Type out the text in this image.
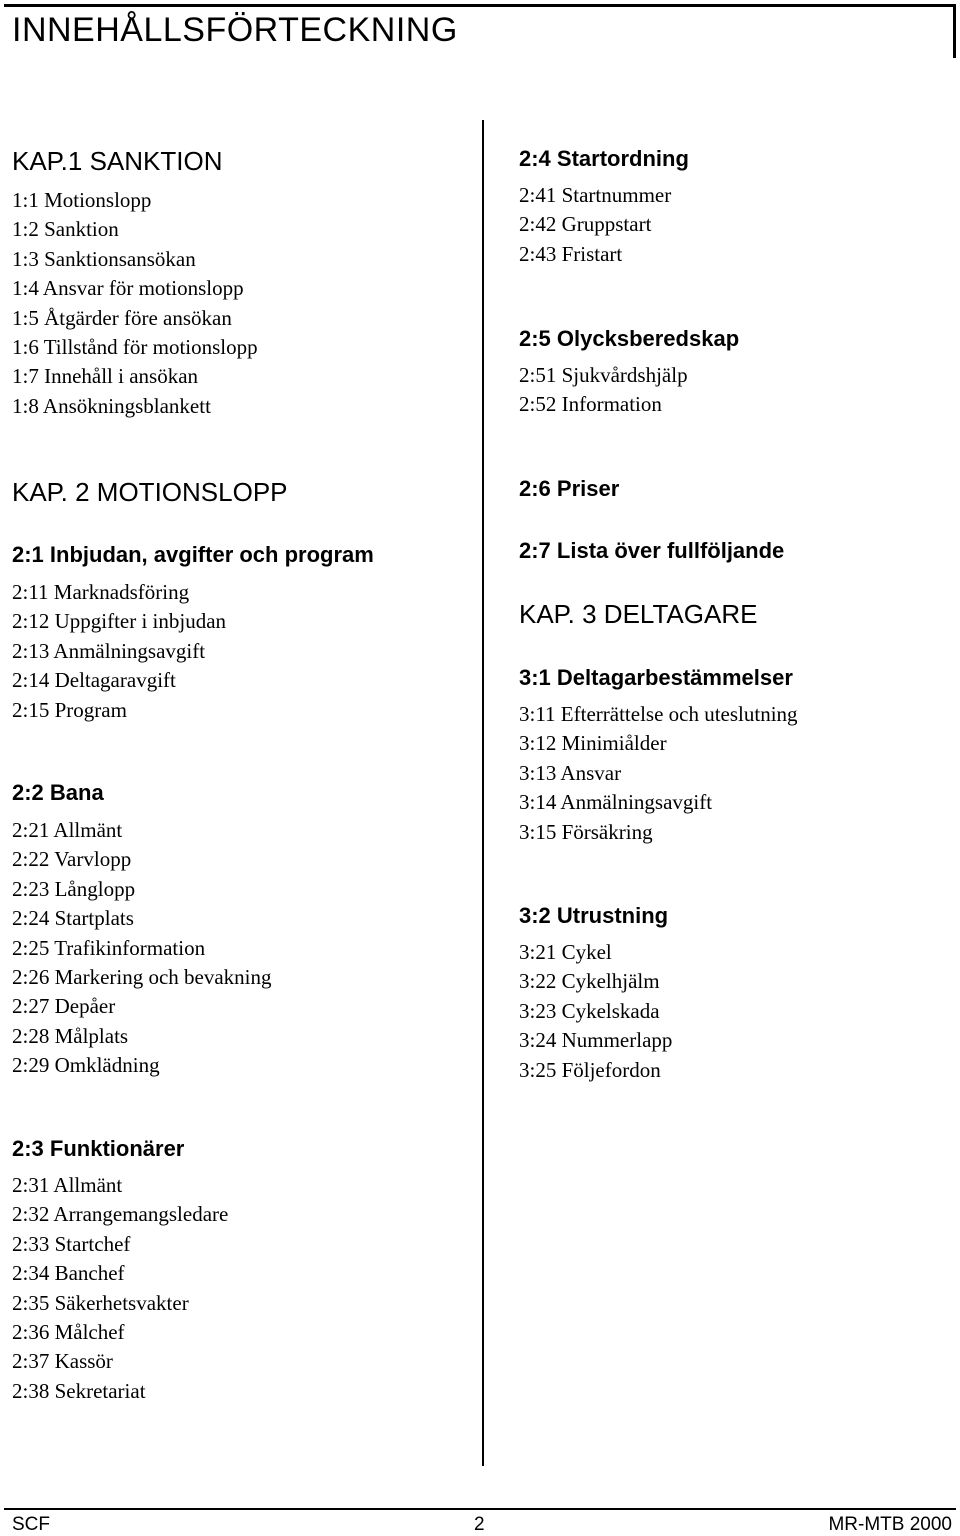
INNEHÅLLSFÖRTECKNING
KAP.1 SANKTION
1:1 Motionslopp
1:2 Sanktion
1:3 Sanktionsansökan
1:4 Ansvar för motionslopp
1:5 Åtgärder före ansökan
1:6 Tillstånd för motionslopp
1:7 Innehåll i ansökan
1:8 Ansökningsblankett
KAP. 2 MOTIONSLOPP
2:1 Inbjudan, avgifter och program
2:11 Marknadsföring
2:12 Uppgifter i inbjudan
2:13 Anmälningsavgift
2:14 Deltagaravgift
2:15 Program
2:2 Bana
2:21 Allmänt
2:22 Varvlopp
2:23 Långlopp
2:24 Startplats
2:25 Trafikinformation
2:26 Markering och bevakning
2:27 Depåer
2:28 Målplats
2:29 Omklädning
2:3 Funktionärer
2:31 Allmänt
2:32 Arrangemangsledare
2:33 Startchef
2:34 Banchef
2:35 Säkerhetsvakter
2:36 Målchef
2:37 Kassör
2:38 Sekretariat
2:4 Startordning
2:41 Startnummer
2:42 Gruppstart
2:43 Fristart
2:5 Olycksberedskap
2:51 Sjukvårdshjälp
2:52 Information
2:6 Priser
2:7 Lista över fullföljande
KAP. 3 DELTAGARE
3:1 Deltagarbestämmelser
3:11 Efterrättelse och uteslutning
3:12 Minimiålder
3:13 Ansvar
3:14 Anmälningsavgift
3:15 Försäkring
3:2 Utrustning
3:21 Cykel
3:22 Cykelhjälm
3:23 Cykelskada
3:24 Nummerlapp
3:25 Följefordon
SCF	2	MR-MTB 2000
